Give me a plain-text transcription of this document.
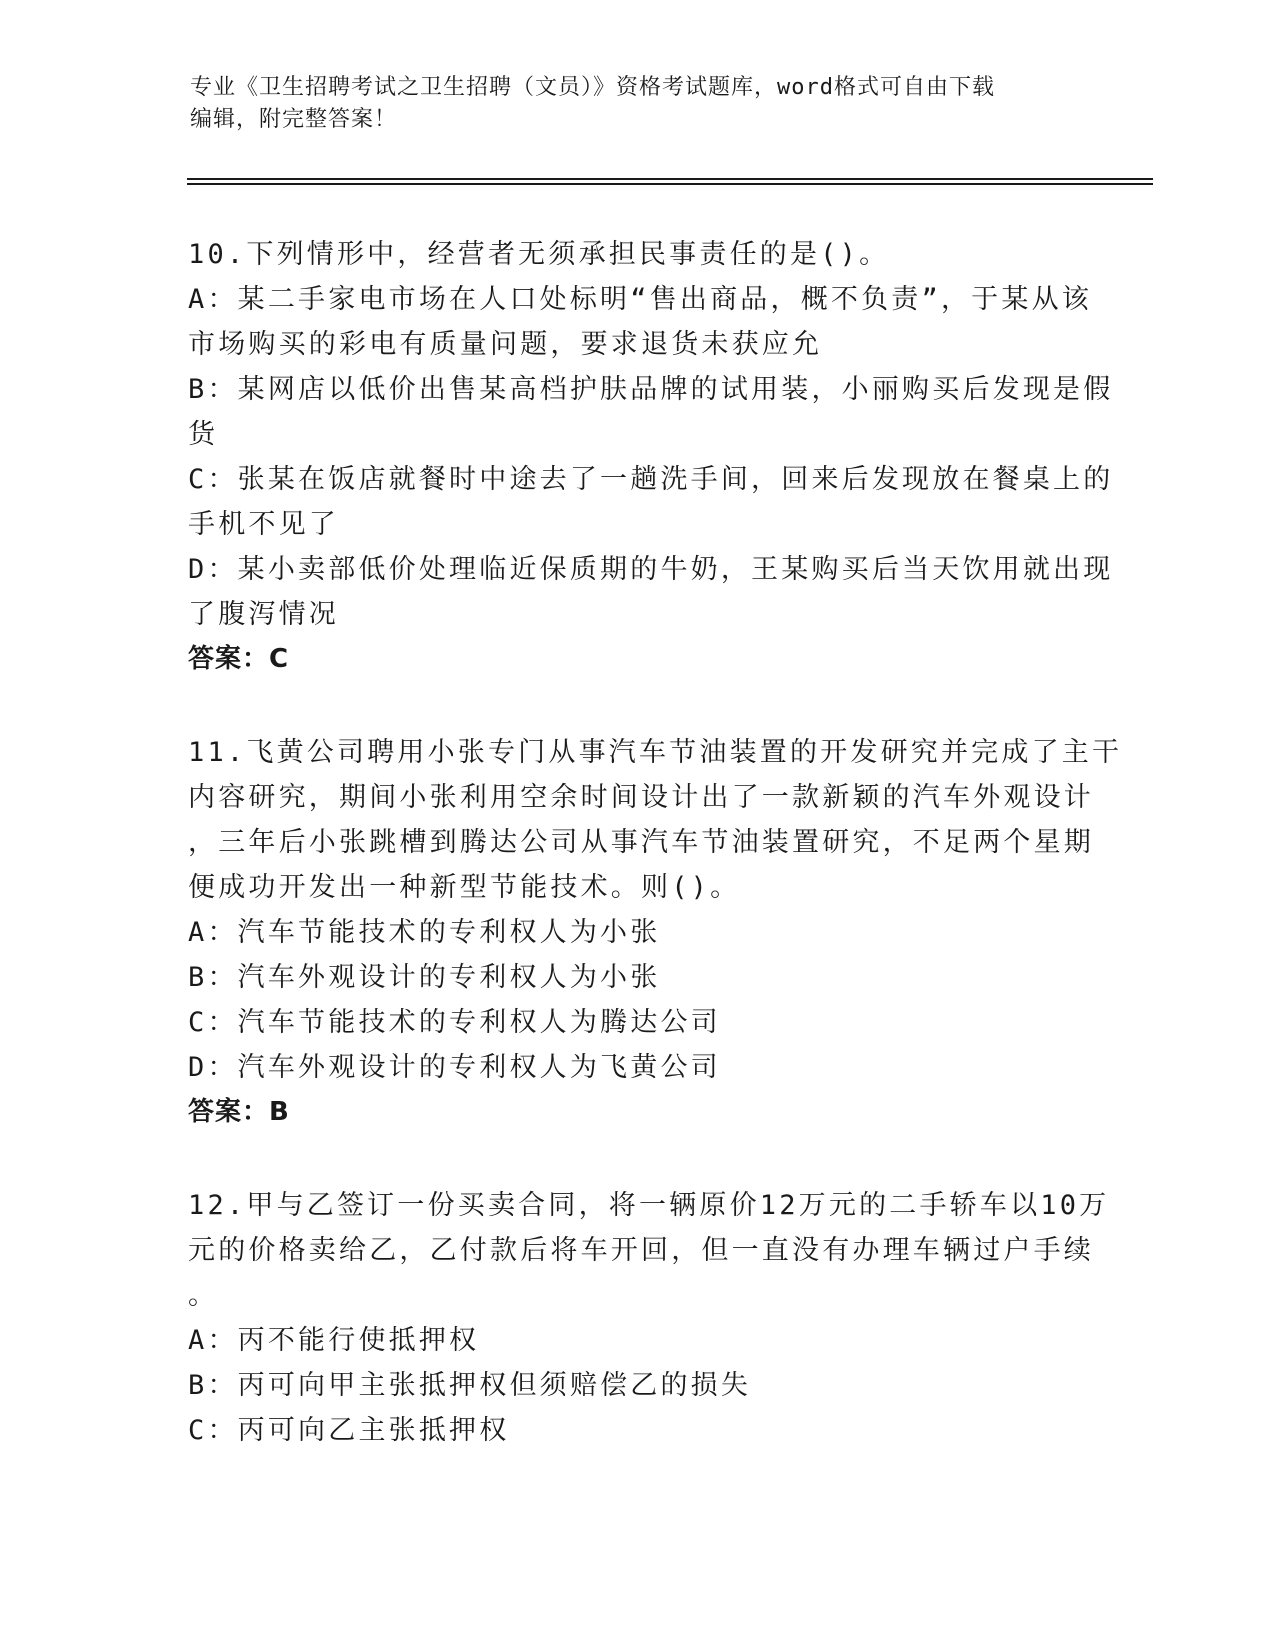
专业《卫生招聘考试之卫生招聘（文员）》资格考试题库，word格式可自由下载
编辑，附完整答案！
10.下列情形中，经营者无须承担民事责任的是()。
A：某二手家电市场在人口处标明“售出商品，概不负责”，于某从该
市场购买的彩电有质量问题，要求退货未获应允
B：某网店以低价出售某高档护肤品牌的试用装，小丽购买后发现是假
货
C：张某在饭店就餐时中途去了一趟洗手间，回来后发现放在餐桌上的
手机不见了
D：某小卖部低价处理临近保质期的牛奶，王某购买后当天饮用就出现
了腹泻情况
答案：C
11.飞黄公司聘用小张专门从事汽车节油装置的开发研究并完成了主干
内容研究，期间小张利用空余时间设计出了一款新颖的汽车外观设计
，三年后小张跳槽到腾达公司从事汽车节油装置研究，不足两个星期
便成功开发出一种新型节能技术。则()。
A：汽车节能技术的专利权人为小张
B：汽车外观设计的专利权人为小张
C：汽车节能技术的专利权人为腾达公司
D：汽车外观设计的专利权人为飞黄公司
答案：B
12.甲与乙签订一份买卖合同，将一辆原价12万元的二手轿车以10万
元的价格卖给乙，乙付款后将车开回，但一直没有办理车辆过户手续
。
A：丙不能行使抵押权
B：丙可向甲主张抵押权但须赔偿乙的损失
C：丙可向乙主张抵押权
